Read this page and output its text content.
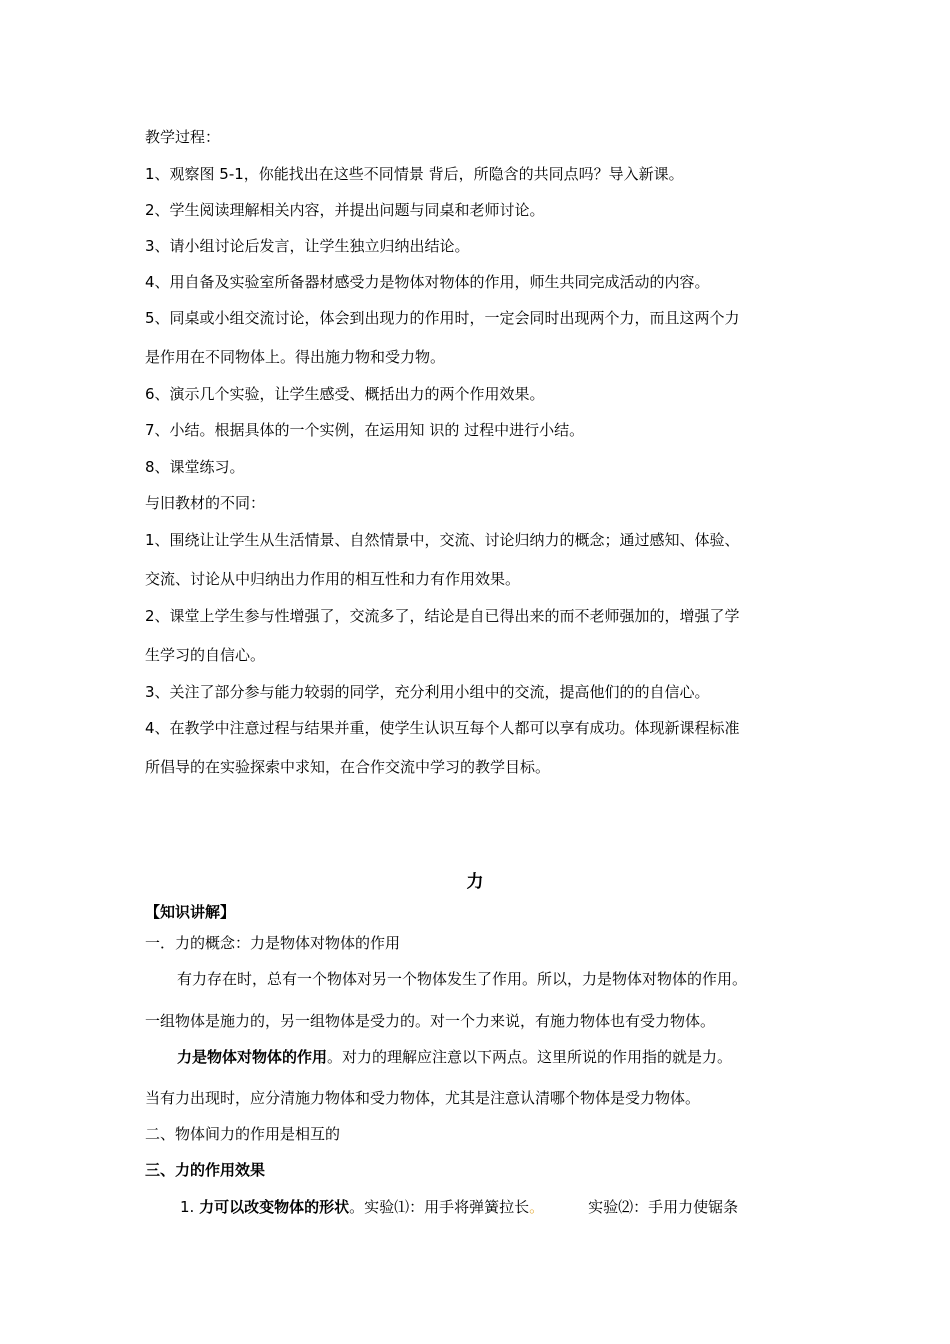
教学过程：
1、观察图 5-1，你能找出在这些不同情景 背后，所隐含的共同点吗？导入新课。
2、学生阅读理解相关内容，并提出问题与同桌和老师讨论。
3、请小组讨论后发言，让学生独立归纳出结论。
4、用自备及实验室所备器材感受力是物体对物体的作用，师生共同完成活动的内容。
5、同桌或小组交流讨论，体会到出现力的作用时，一定会同时出现两个力，而且这两个力
是作用在不同物体上。得出施力物和受力物。
6、演示几个实验，让学生感受、概括出力的两个作用效果。
7、小结。根据具体的一个实例，在运用知 识的 过程中进行小结。
8、课堂练习。
与旧教材的不同：
1、围绕让让学生从生活情景、自然情景中，交流、讨论归纳力的概念；通过感知、体验、
交流、讨论从中归纳出力作用的相互性和力有作用效果。
2、课堂上学生参与性增强了，交流多了，结论是自已得出来的而不老师强加的，增强了学
生学习的自信心。
3、关注了部分参与能力较弱的同学，充分利用小组中的交流，提高他们的的自信心。
4、在教学中注意过程与结果并重，使学生认识互每个人都可以享有成功。体现新课程标准
所倡导的在实验探索中求知，在合作交流中学习的教学目标。
力
【知识讲解】
一．力的概念：力是物体对物体的作用
有力存在时，总有一个物体对另一个物体发生了作用。所以，力是物体对物体的作用。
一组物体是施力的，另一组物体是受力的。对一个力来说，有施力物体也有受力物体。
力是物体对物体的作用。对力的理解应注意以下两点。这里所说的作用指的就是力。
当有力出现时，应分清施力物体和受力物体，尤其是注意认清哪个物体是受力物体。
二、物体间力的作用是相互的
三、力的作用效果
1. 力可以改变物体的形状。实验⑴：用手将弹簧拉长。	实验⑵：手用力使锯条
